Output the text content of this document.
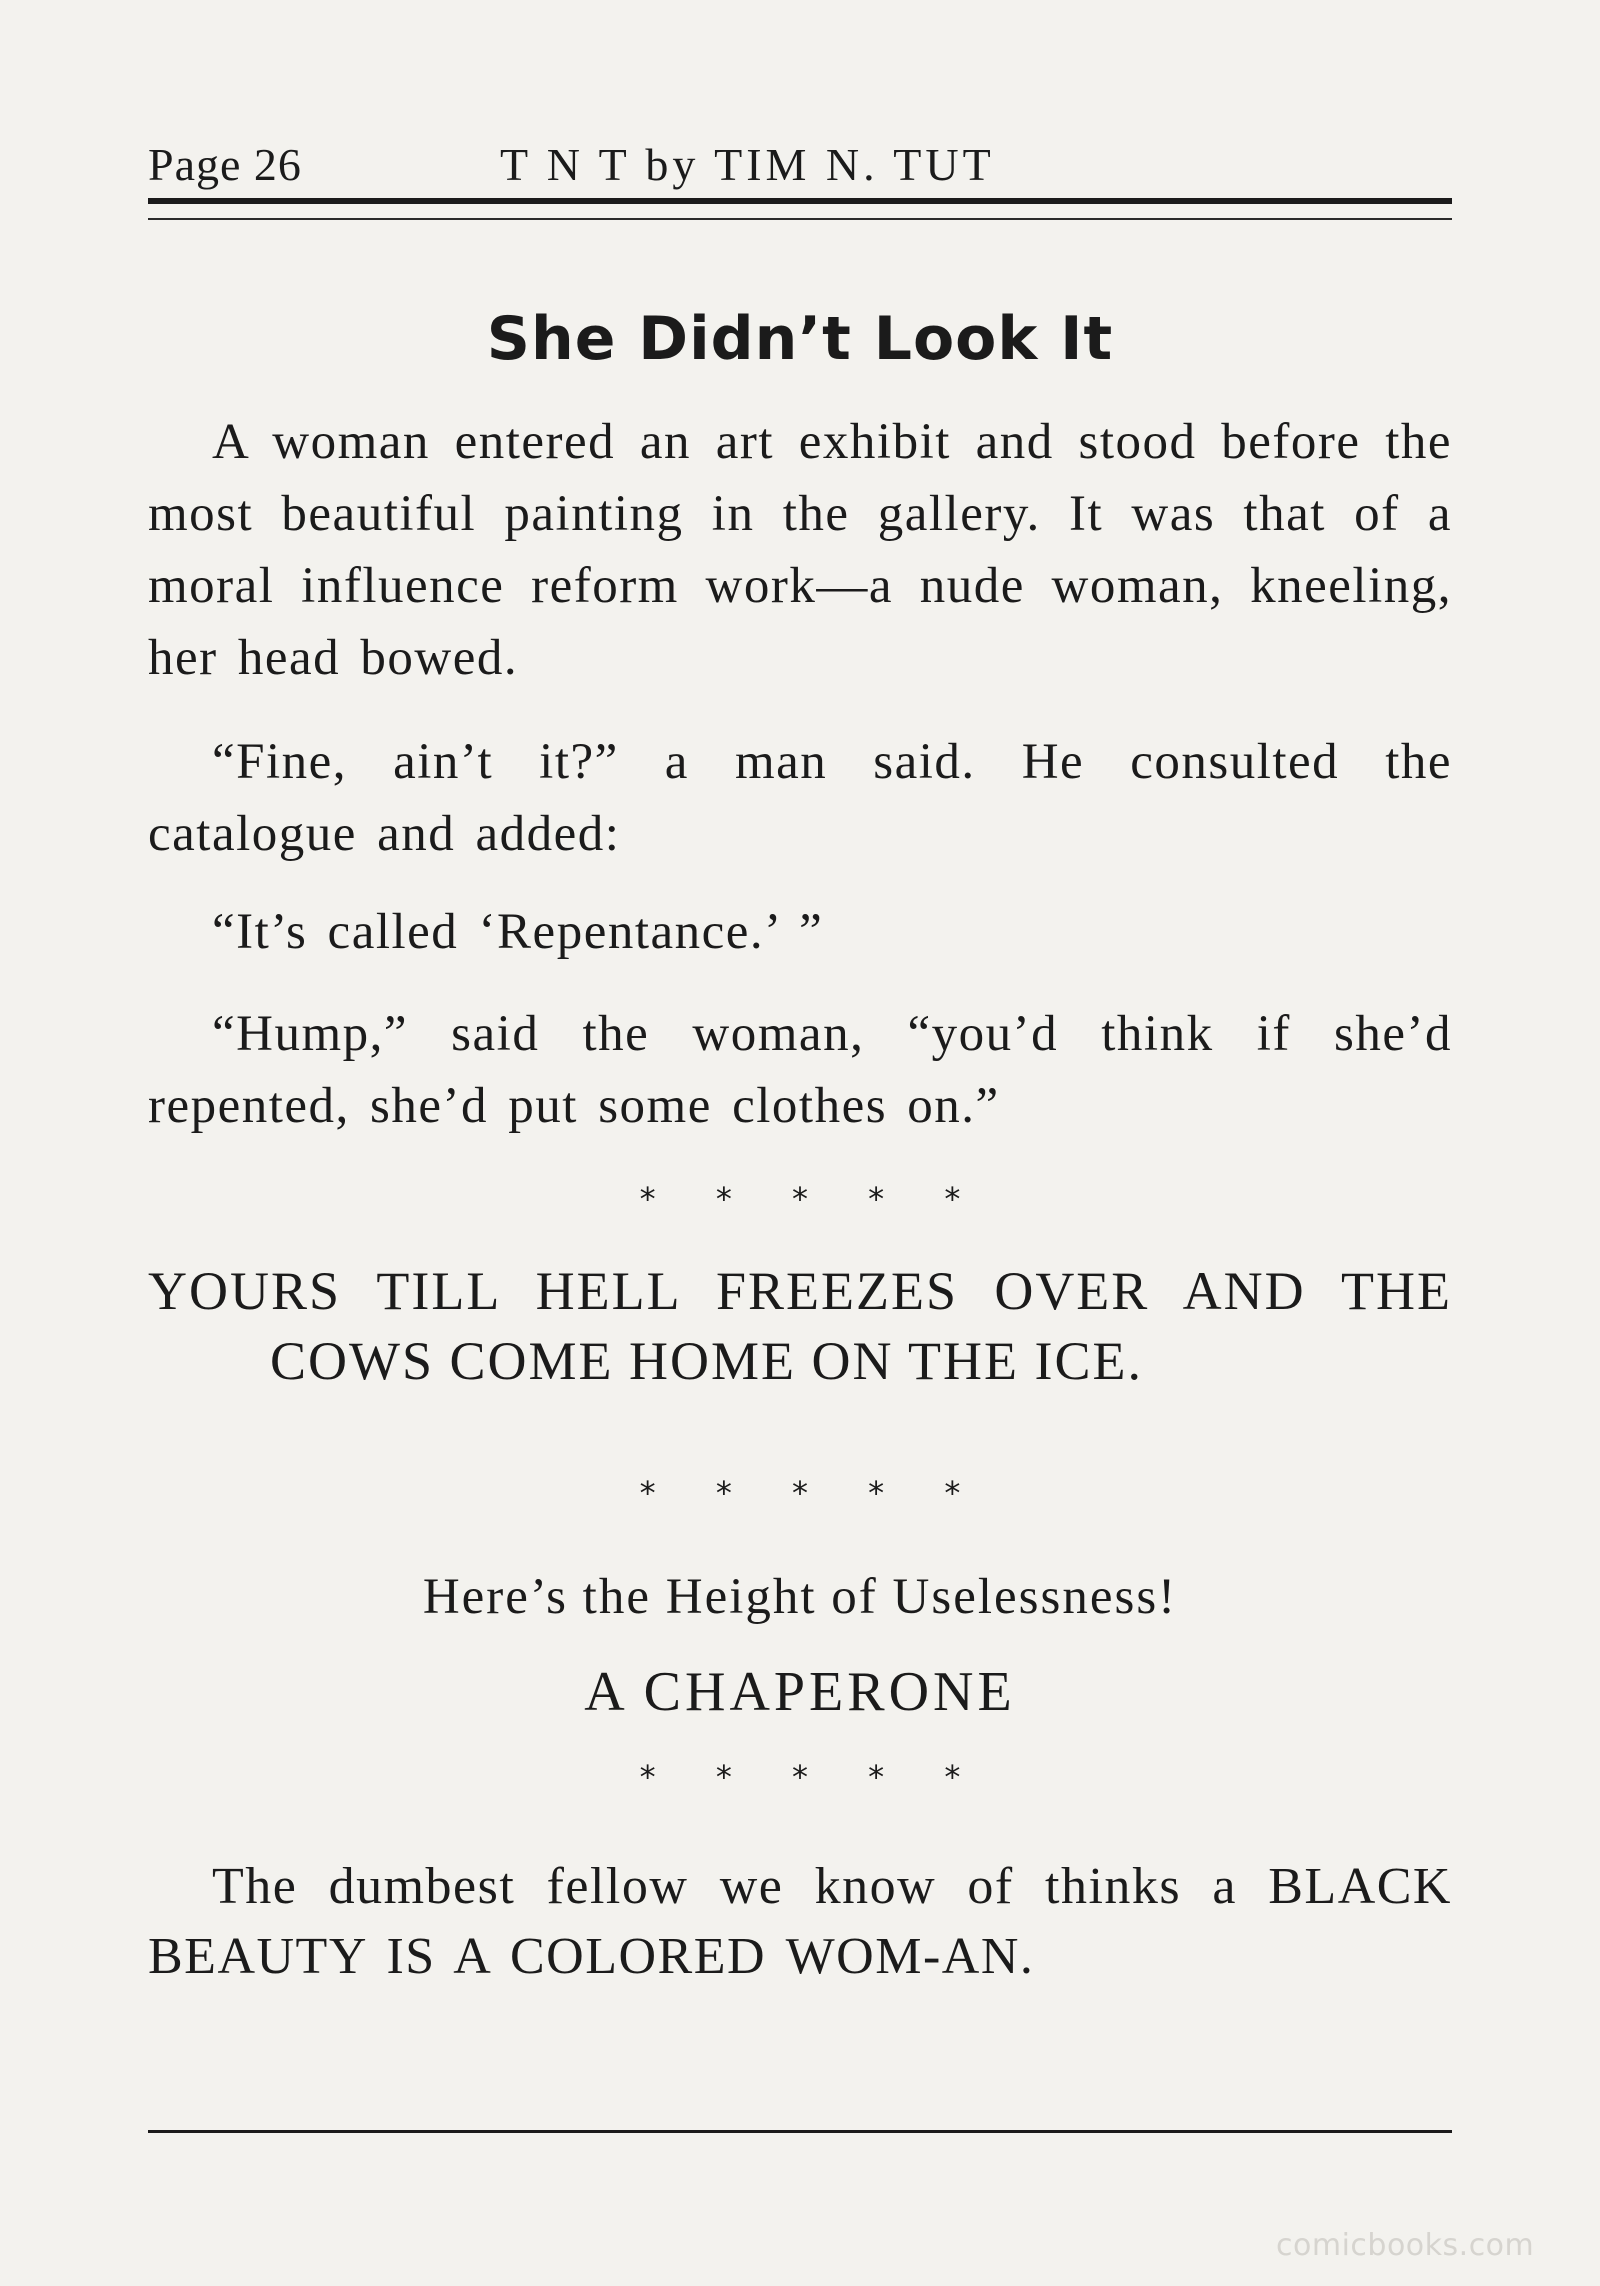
Page 26	T N T by TIM N. TUT
She Didn’t Look It
A woman entered an art exhibit and stood before the most beautiful painting in the gallery. It was that of a moral influence reform work—a nude woman, kneeling, her head bowed.
“Fine, ain’t it?” a man said. He consulted the catalogue and added:
“It’s called ‘Repentance.’ ”
“Hump,” said the woman, “you’d think if she’d repented, she’d put some clothes on.”
* * * * *
YOURS TILL HELL FREEZES OVER AND THE COWS COME HOME ON THE ICE.
* * * * *
Here’s the Height of Uselessness!
A CHAPERONE
* * * * *
The dumbest fellow we know of thinks a BLACK BEAUTY IS A COLORED WOM-AN.
comicbooks.com
